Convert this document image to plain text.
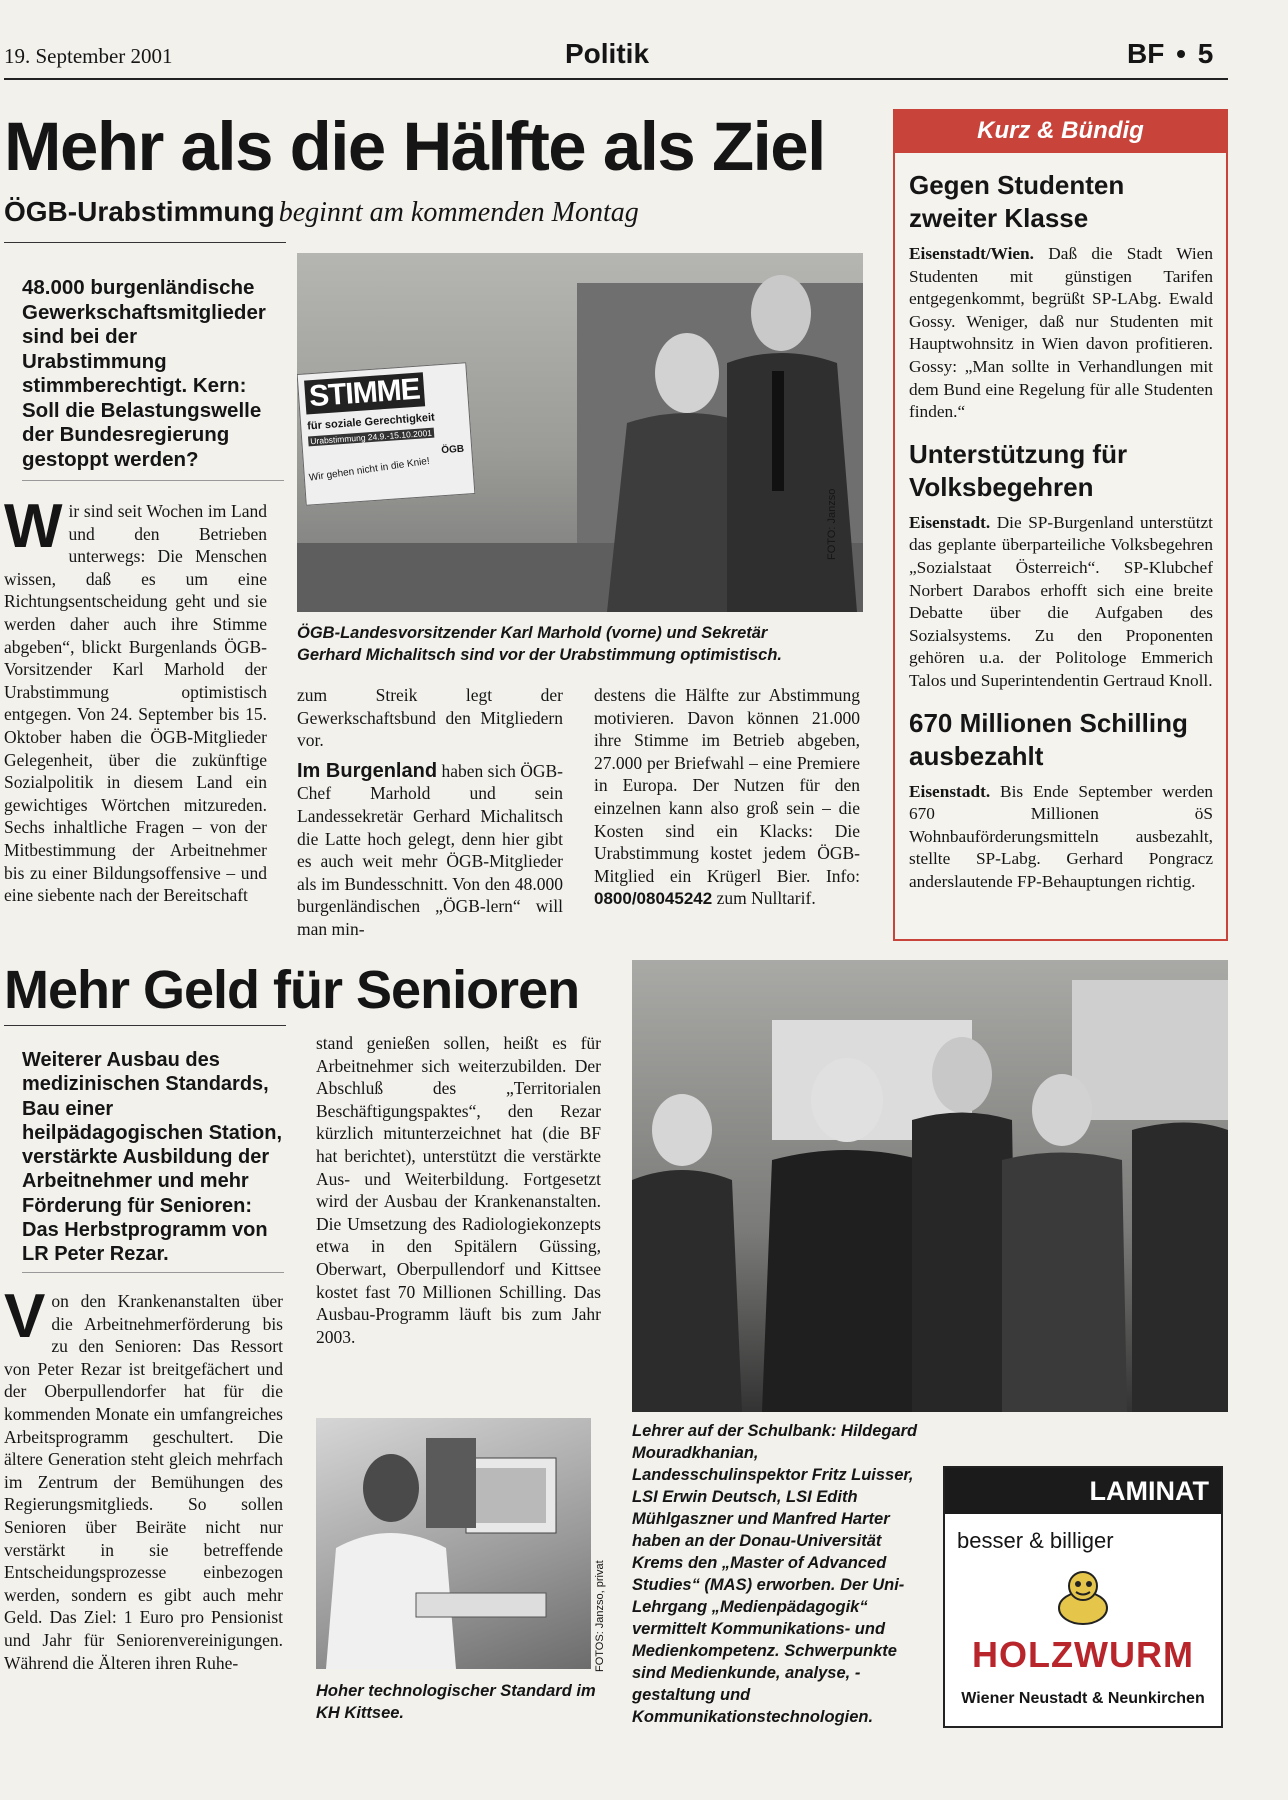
19. September 2001	Politik	BF • 5
Mehr als die Hälfte als Ziel
ÖGB-Urabstimmung beginnt am kommenden Montag

48.000 burgenländische Gewerkschaftsmitglieder sind bei der Urabstimmung stimmberechtigt. Kern: Soll die Belastungswelle der Bundesregierung gestoppt werden?

W ir sind seit Wochen im Land und den Betrieben unterwegs: Die Menschen wissen, daß es um eine Richtungsentscheidung geht und sie werden daher auch ihre Stimme abgeben“, blickt Burgenlands ÖGB-Vorsitzender Karl Marhold der Urabstimmung optimistisch entgegen. Von 24. September bis 15. Oktober haben die ÖGB-Mitglieder Gelegenheit, über die zukünftige Sozialpolitik in diesem Land ein gewichtiges Wörtchen mitzureden. Sechs inhaltliche Fragen – von der Mitbestimmung der Arbeitnehmer bis zu einer Bildungsoffensive – und eine siebente nach der Bereitschaft
STIMME
für soziale Gerechtigkeit
Urabstimmung 24.9.-15.10.2001
Wir gehen nicht in die Knie!
ÖGB
FOTO: Janzso

ÖGB-Landesvorsitzender Karl Marhold (vorne) und Sekretär Gerhard Michalitsch sind vor der Urabstimmung optimistisch.

zum Streik legt der Gewerkschaftsbund den Mitgliedern vor.
Im Burgenland haben sich ÖGB-Chef Marhold und sein Landessekretär Gerhard Michalitsch die Latte hoch gelegt, denn hier gibt es auch weit mehr ÖGB-Mitglieder als im Bundesschnitt. Von den 48.000 burgenländischen „ÖGB-lern“ will man min-
destens die Hälfte zur Abstimmung motivieren. Davon können 21.000 ihre Stimme im Betrieb abgeben, 27.000 per Briefwahl – eine Premiere in Europa. Der Nutzen für den einzelnen kann also groß sein – die Kosten sind ein Klacks: Die Urabstimmung kostet jedem ÖGB-Mitglied ein Krügerl Bier. Info: 0800/08045242 zum Nulltarif.
Kurz & Bündig
Gegen Studenten zweiter Klasse

Eisenstadt/Wien. Daß die Stadt Wien Studenten mit günstigen Tarifen entgegenkommt, begrüßt SP-LAbg. Ewald Gossy. Weniger, daß nur Studenten mit Hauptwohnsitz in Wien davon profitieren. Gossy: „Man sollte in Verhandlungen mit dem Bund eine Regelung für alle Studenten finden.“

Unterstützung für Volksbegehren

Eisenstadt. Die SP-Burgenland unterstützt das geplante überparteiliche Volksbegehren „Sozialstaat Österreich“. SP-Klubchef Norbert Darabos erhofft sich eine breite Debatte über die Aufgaben des Sozialsystems. Zu den Proponenten gehören u.a. der Politologe Emmerich Talos und Superintendentin Gertraud Knoll.

670 Millionen Schilling ausbezahlt

Eisenstadt. Bis Ende September werden 670 Millionen öS Wohnbauförderungsmitteln ausbezahlt, stellte SP-Labg. Gerhard Pongracz anderslautende FP-Behauptungen richtig.

Mehr Geld für Senioren

Weiterer Ausbau des medizinischen Standards, Bau einer heilpädagogischen Station, verstärkte Ausbildung der Arbeitnehmer und mehr Förderung für Senioren: Das Herbstprogramm von LR Peter Rezar.

V on den Krankenanstalten über die Arbeitnehmerförderung bis zu den Senioren: Das Ressort von Peter Rezar ist breitgefächert und der Oberpullendorfer hat für die kommenden Monate ein umfangreiches Arbeitsprogramm geschultert. Die ältere Generation steht gleich mehrfach im Zentrum der Bemühungen des Regierungsmitglieds. So sollen Senioren über Beiräte nicht nur verstärkt in sie betreffende Entscheidungsprozesse einbezogen werden, sondern es gibt auch mehr Geld. Das Ziel: 1 Euro pro Pensionist und Jahr für Seniorenvereinigungen. Während die Älteren ihren Ruhe-
stand genießen sollen, heißt es für Arbeitnehmer sich weiterzubilden. Der Abschluß des „Territorialen Beschäftigungspaktes“, den Rezar kürzlich mitunterzeichnet hat (die BF hat berichtet), unterstützt die verstärkte Aus- und Weiterbildung. Fortgesetzt wird der Ausbau der Krankenanstalten. Die Umsetzung des Radiologiekonzepts etwa in den Spitälern Güssing, Oberwart, Oberpullendorf und Kittsee kostet fast 70 Millionen Schilling. Das Ausbau-Programm läuft bis zum Jahr 2003.
FOTOS: Janzso, privat

Hoher technologischer Standard im KH Kittsee.

Lehrer auf der Schulbank: Hildegard Mouradkhanian, Landesschulinspektor Fritz Luisser, LSI Erwin Deutsch, LSI Edith Mühlgaszner und Manfred Harter haben an der Donau-Universität Krems den „Master of Advanced Studies“ (MAS) erworben. Der Uni-Lehrgang „Medienpädagogik“ vermittelt Kommunikations- und Medienkompetenz. Schwerpunkte sind Medienkunde, analyse, -gestaltung und Kommunikationstechnologien.

LAMINAT
besser & billiger
HOLZWURM
Wiener Neustadt & Neunkirchen
